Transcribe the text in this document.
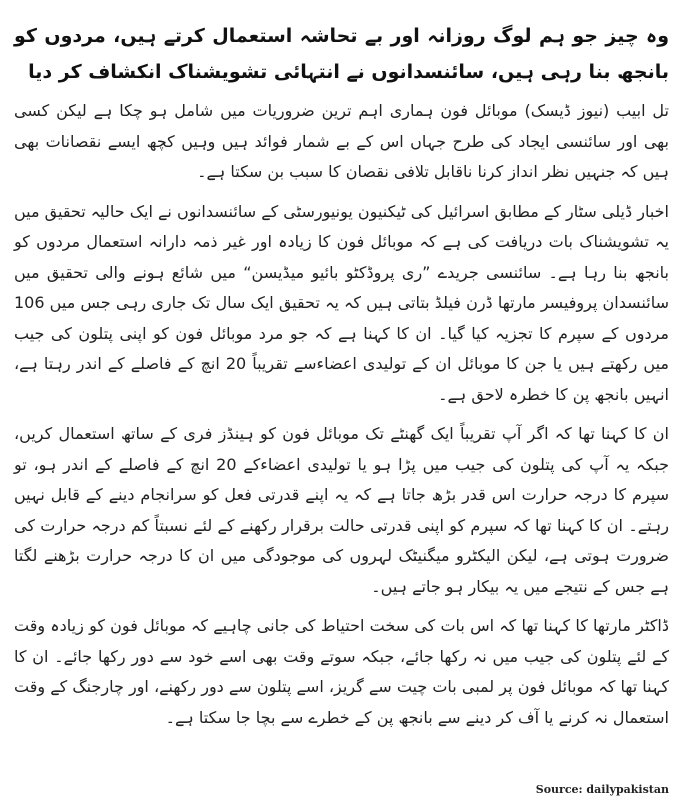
وہ چیز جو ہم لوگ روزانہ اور بے تحاشہ استعمال کرتے ہیں، مردوں کو بانجھ بنا رہی ہیں، سائنسدانوں نے انتہائی تشویشناک انکشاف کر دیا

تل ابیب (نیوز ڈیسک) موبائل فون ہماری اہم ترین ضروریات میں شامل ہو چکا ہے لیکن کسی بھی اور سائنسی ایجاد کی طرح جہاں اس کے بے شمار فوائد ہیں وہیں کچھ ایسے نقصانات بھی ہیں کہ جنہیں نظر انداز کرنا ناقابل تلافی نقصان کا سبب بن سکتا ہے۔

اخبار ڈیلی سٹار کے مطابق اسرائیل کی ٹیکنیون یونیورسٹی کے سائنسدانوں نے ایک حالیہ تحقیق میں یہ تشویشناک بات دریافت کی ہے کہ موبائل فون کا زیادہ اور غیر ذمہ دارانہ استعمال مردوں کو بانجھ بنا رہا ہے۔ سائنسی جریدے ”ری پروڈکٹو بائیو میڈیسن“ میں شائع ہونے والی تحقیق میں سائنسدان پروفیسر مارتھا ڈرن فیلڈ بتاتی ہیں کہ یہ تحقیق ایک سال تک جاری رہی جس میں 106 مردوں کے سپرم کا تجزیہ کیا گیا۔ ان کا کہنا ہے کہ جو مرد موبائل فون کو اپنی پتلون کی جیب میں رکھتے ہیں یا جن کا موبائل ان کے تولیدی اعضاءسے تقریباً 20 انچ کے فاصلے کے اندر رہتا ہے، انہیں بانجھ پن کا خطرہ لاحق ہے۔

ان کا کہنا تھا کہ اگر آپ تقریباً ایک گھنٹے تک موبائل فون کو ہینڈز فری کے ساتھ استعمال کریں، جبکہ یہ آپ کی پتلون کی جیب میں پڑا ہو یا تولیدی اعضاءکے 20 انچ کے فاصلے کے اندر ہو، تو سپرم کا درجہ حرارت اس قدر بڑھ جاتا ہے کہ یہ اپنے قدرتی فعل کو سرانجام دینے کے قابل نہیں رہتے۔ ان کا کہنا تھا کہ سپرم کو اپنی قدرتی حالت برقرار رکھنے کے لئے نسبتاً کم درجہ حرارت کی ضرورت ہوتی ہے، لیکن الیکٹرو میگنیٹک لہروں کی موجودگی میں ان کا درجہ حرارت بڑھنے لگتا ہے جس کے نتیجے میں یہ بیکار ہو جاتے ہیں۔

ڈاکٹر مارتھا کا کہنا تھا کہ اس بات کی سخت احتیاط کی جانی چاہیے کہ موبائل فون کو زیادہ وقت کے لئے پتلون کی جیب میں نہ رکھا جائے، جبکہ سوتے وقت بھی اسے خود سے دور رکھا جائے۔ ان کا کہنا تھا کہ موبائل فون پر لمبی بات چیت سے گریز، اسے پتلون سے دور رکھنے، اور چارجنگ کے وقت استعمال نہ کرنے یا آف کر دینے سے بانجھ پن کے خطرے سے بچا جا سکتا ہے۔

Source: dailypakistan
